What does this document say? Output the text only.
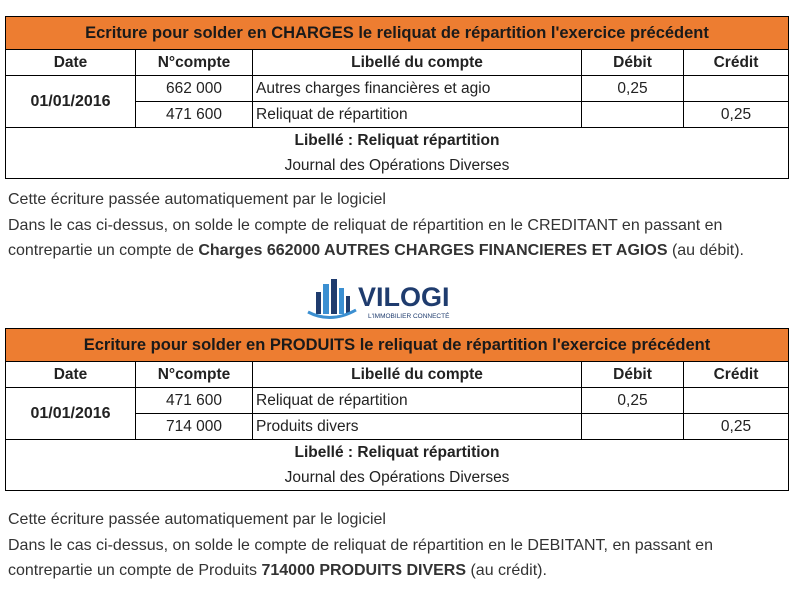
Ecriture pour solder en CHARGES le reliquat de répartition l'exercice précédent				
Date	N°compte	Libellé du compte	Débit	Crédit
01/01/2016	662 000	Autres charges financières et agio	0,25	
	471 600	Reliquat de répartition		0,25
Libellé : Reliquat répartition				
Journal des Opérations Diverses				

Cette écriture passée automatiquement par le logiciel

Dans le cas ci-dessus, on solde le compte de reliquat de répartition en le CREDITANT en passant en

contrepartie un compte de Charges 662000 AUTRES CHARGES FINANCIERES ET AGIOS (au débit).

VILOGI
L'IMMOBILIER CONNECTÉ
Ecriture pour solder en PRODUITS le reliquat de répartition l'exercice précédent				
Date	N°compte	Libellé du compte	Débit	Crédit
01/01/2016	471 600	Reliquat de répartition	0,25	
	714 000	Produits divers		0,25
Libellé : Reliquat répartition				
Journal des Opérations Diverses				

Cette écriture passée automatiquement par le logiciel

Dans le cas ci-dessus, on solde le compte de reliquat de répartition en le DEBITANT, en passant en

contrepartie un compte de Produits 714000 PRODUITS DIVERS (au crédit).
